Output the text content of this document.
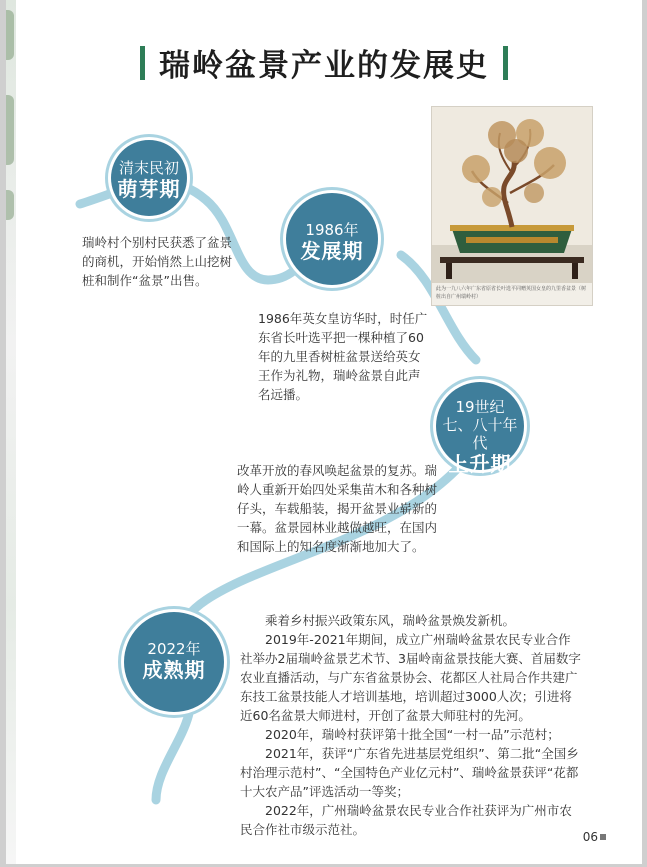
瑞岭盆景产业的发展史
清末民初
萌芽期
1986年
发展期
19世纪
七、八十年代
上升期
2022年
成熟期
瑞岭村个别村民获悉了盆景的商机，开始悄然上山挖树桩和制作“盆景”出售。
1986年英女皇访华时，时任广东省长叶选平把一棵种植了60年的九里香树桩盆景送给英女王作为礼物，瑞岭盆景自此声名远播。
改革开放的春风唤起盆景的复苏。瑞岭人重新开始四处采集苗木和各种树仔头，车载船装，揭开盆景业崭新的一幕。盆景园林业越做越旺，在国内和国际上的知名度渐渐地加大了。
此为一九八六年广东省原省长叶选平同赠英国女皇的九里香盆景（树桩出自广州瑞岭村）

乘着乡村振兴政策东风，瑞岭盆景焕发新机。

2019年-2021年期间，成立广州瑞岭盆景农民专业合作社举办2届瑞岭盆景艺术节、3届岭南盆景技能大赛、首届数字农业直播活动，与广东省盆景协会、花都区人社局合作共建广东技工盆景技能人才培训基地，培训超过3000人次；引进将近60名盆景大师进村，开创了盆景大师驻村的先河。

2020年，瑞岭村获评第十批全国“一村一品”示范村；

2021年，获评“广东省先进基层党组织”、第二批“全国乡村治理示范村”、“全国特色产业亿元村”、瑞岭盆景获评“花都十大农产品”评选活动一等奖；

2022年，广州瑞岭盆景农民专业合作社获评为广州市农民合作社市级示范社。	06
